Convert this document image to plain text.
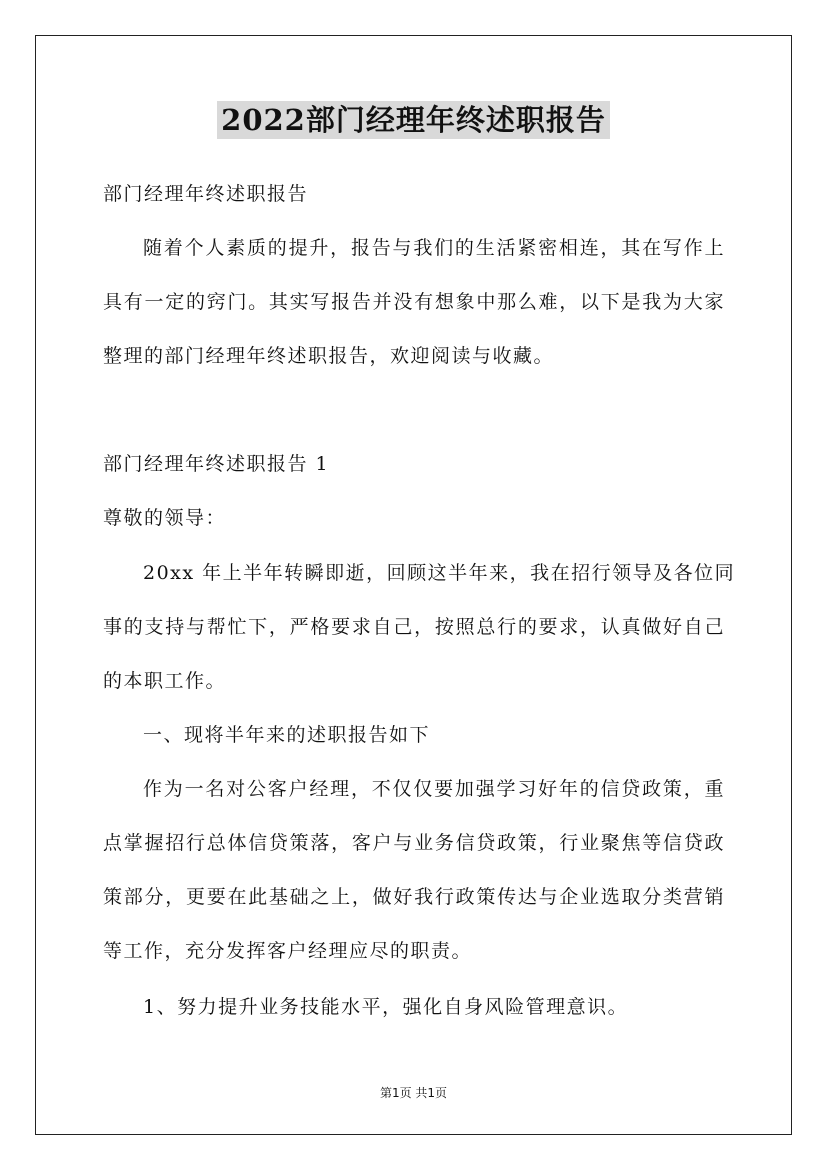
2022部门经理年终述职报告
部门经理年终述职报告
随着个人素质的提升，报告与我们的生活紧密相连，其在写作上
具有一定的窍门。其实写报告并没有想象中那么难，以下是我为大家
整理的部门经理年终述职报告，欢迎阅读与收藏。
部门经理年终述职报告 1
尊敬的领导：
20xx 年上半年转瞬即逝，回顾这半年来，我在招行领导及各位同
事的支持与帮忙下，严格要求自己，按照总行的要求，认真做好自己
的本职工作。
一、现将半年来的述职报告如下
作为一名对公客户经理，不仅仅要加强学习好年的信贷政策，重
点掌握招行总体信贷策落，客户与业务信贷政策，行业聚焦等信贷政
策部分，更要在此基础之上，做好我行政策传达与企业选取分类营销
等工作，充分发挥客户经理应尽的职责。
1、努力提升业务技能水平，强化自身风险管理意识。
第1页 共1页
